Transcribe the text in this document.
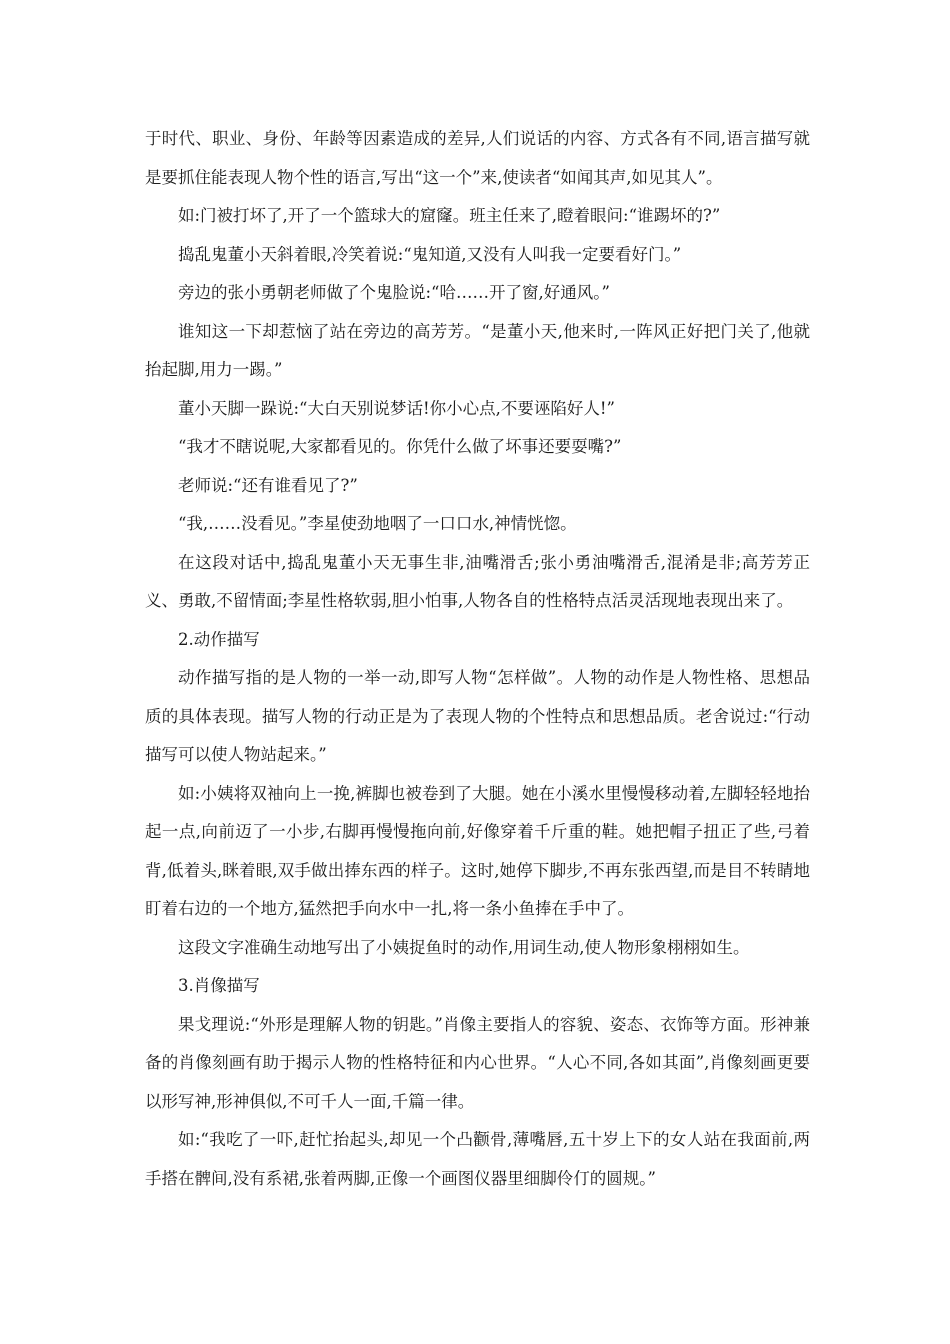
于时代、职业、身份、年龄等因素造成的差异,人们说话的内容、方式各有不同,语言描写就是要抓住能表现人物个性的语言,写出“这一个”来,使读者“如闻其声,如见其人”。

如:门被打坏了,开了一个篮球大的窟窿。班主任来了,瞪着眼问:“谁踢坏的?”

捣乱鬼董小天斜着眼,冷笑着说:“鬼知道,又没有人叫我一定要看好门。”

旁边的张小勇朝老师做了个鬼脸说:“哈……开了窗,好通风。”

谁知这一下却惹恼了站在旁边的高芳芳。“是董小天,他来时,一阵风正好把门关了,他就抬起脚,用力一踢。”

董小天脚一跺说:“大白天别说梦话!你小心点,不要诬陷好人!”

“我才不瞎说呢,大家都看见的。你凭什么做了坏事还要耍嘴?”

老师说:“还有谁看见了?”

“我,……没看见。”李星使劲地咽了一口口水,神情恍惚。

在这段对话中,捣乱鬼董小天无事生非,油嘴滑舌;张小勇油嘴滑舌,混淆是非;高芳芳正义、勇敢,不留情面;李星性格软弱,胆小怕事,人物各自的性格特点活灵活现地表现出来了。

2.动作描写

动作描写指的是人物的一举一动,即写人物“怎样做”。人物的动作是人物性格、思想品质的具体表现。描写人物的行动正是为了表现人物的个性特点和思想品质。老舍说过:“行动描写可以使人物站起来。”

如:小姨将双袖向上一挽,裤脚也被卷到了大腿。她在小溪水里慢慢移动着,左脚轻轻地抬起一点,向前迈了一小步,右脚再慢慢拖向前,好像穿着千斤重的鞋。她把帽子扭正了些,弓着背,低着头,眯着眼,双手做出捧东西的样子。这时,她停下脚步,不再东张西望,而是目不转睛地盯着右边的一个地方,猛然把手向水中一扎,将一条小鱼捧在手中了。

这段文字准确生动地写出了小姨捉鱼时的动作,用词生动,使人物形象栩栩如生。

3.肖像描写

果戈理说:“外形是理解人物的钥匙。”肖像主要指人的容貌、姿态、衣饰等方面。形神兼备的肖像刻画有助于揭示人物的性格特征和内心世界。“人心不同,各如其面”,肖像刻画更要以形写神,形神俱似,不可千人一面,千篇一律。

如:“我吃了一吓,赶忙抬起头,却见一个凸颧骨,薄嘴唇,五十岁上下的女人站在我面前,两手搭在髀间,没有系裙,张着两脚,正像一个画图仪器里细脚伶仃的圆规。”
